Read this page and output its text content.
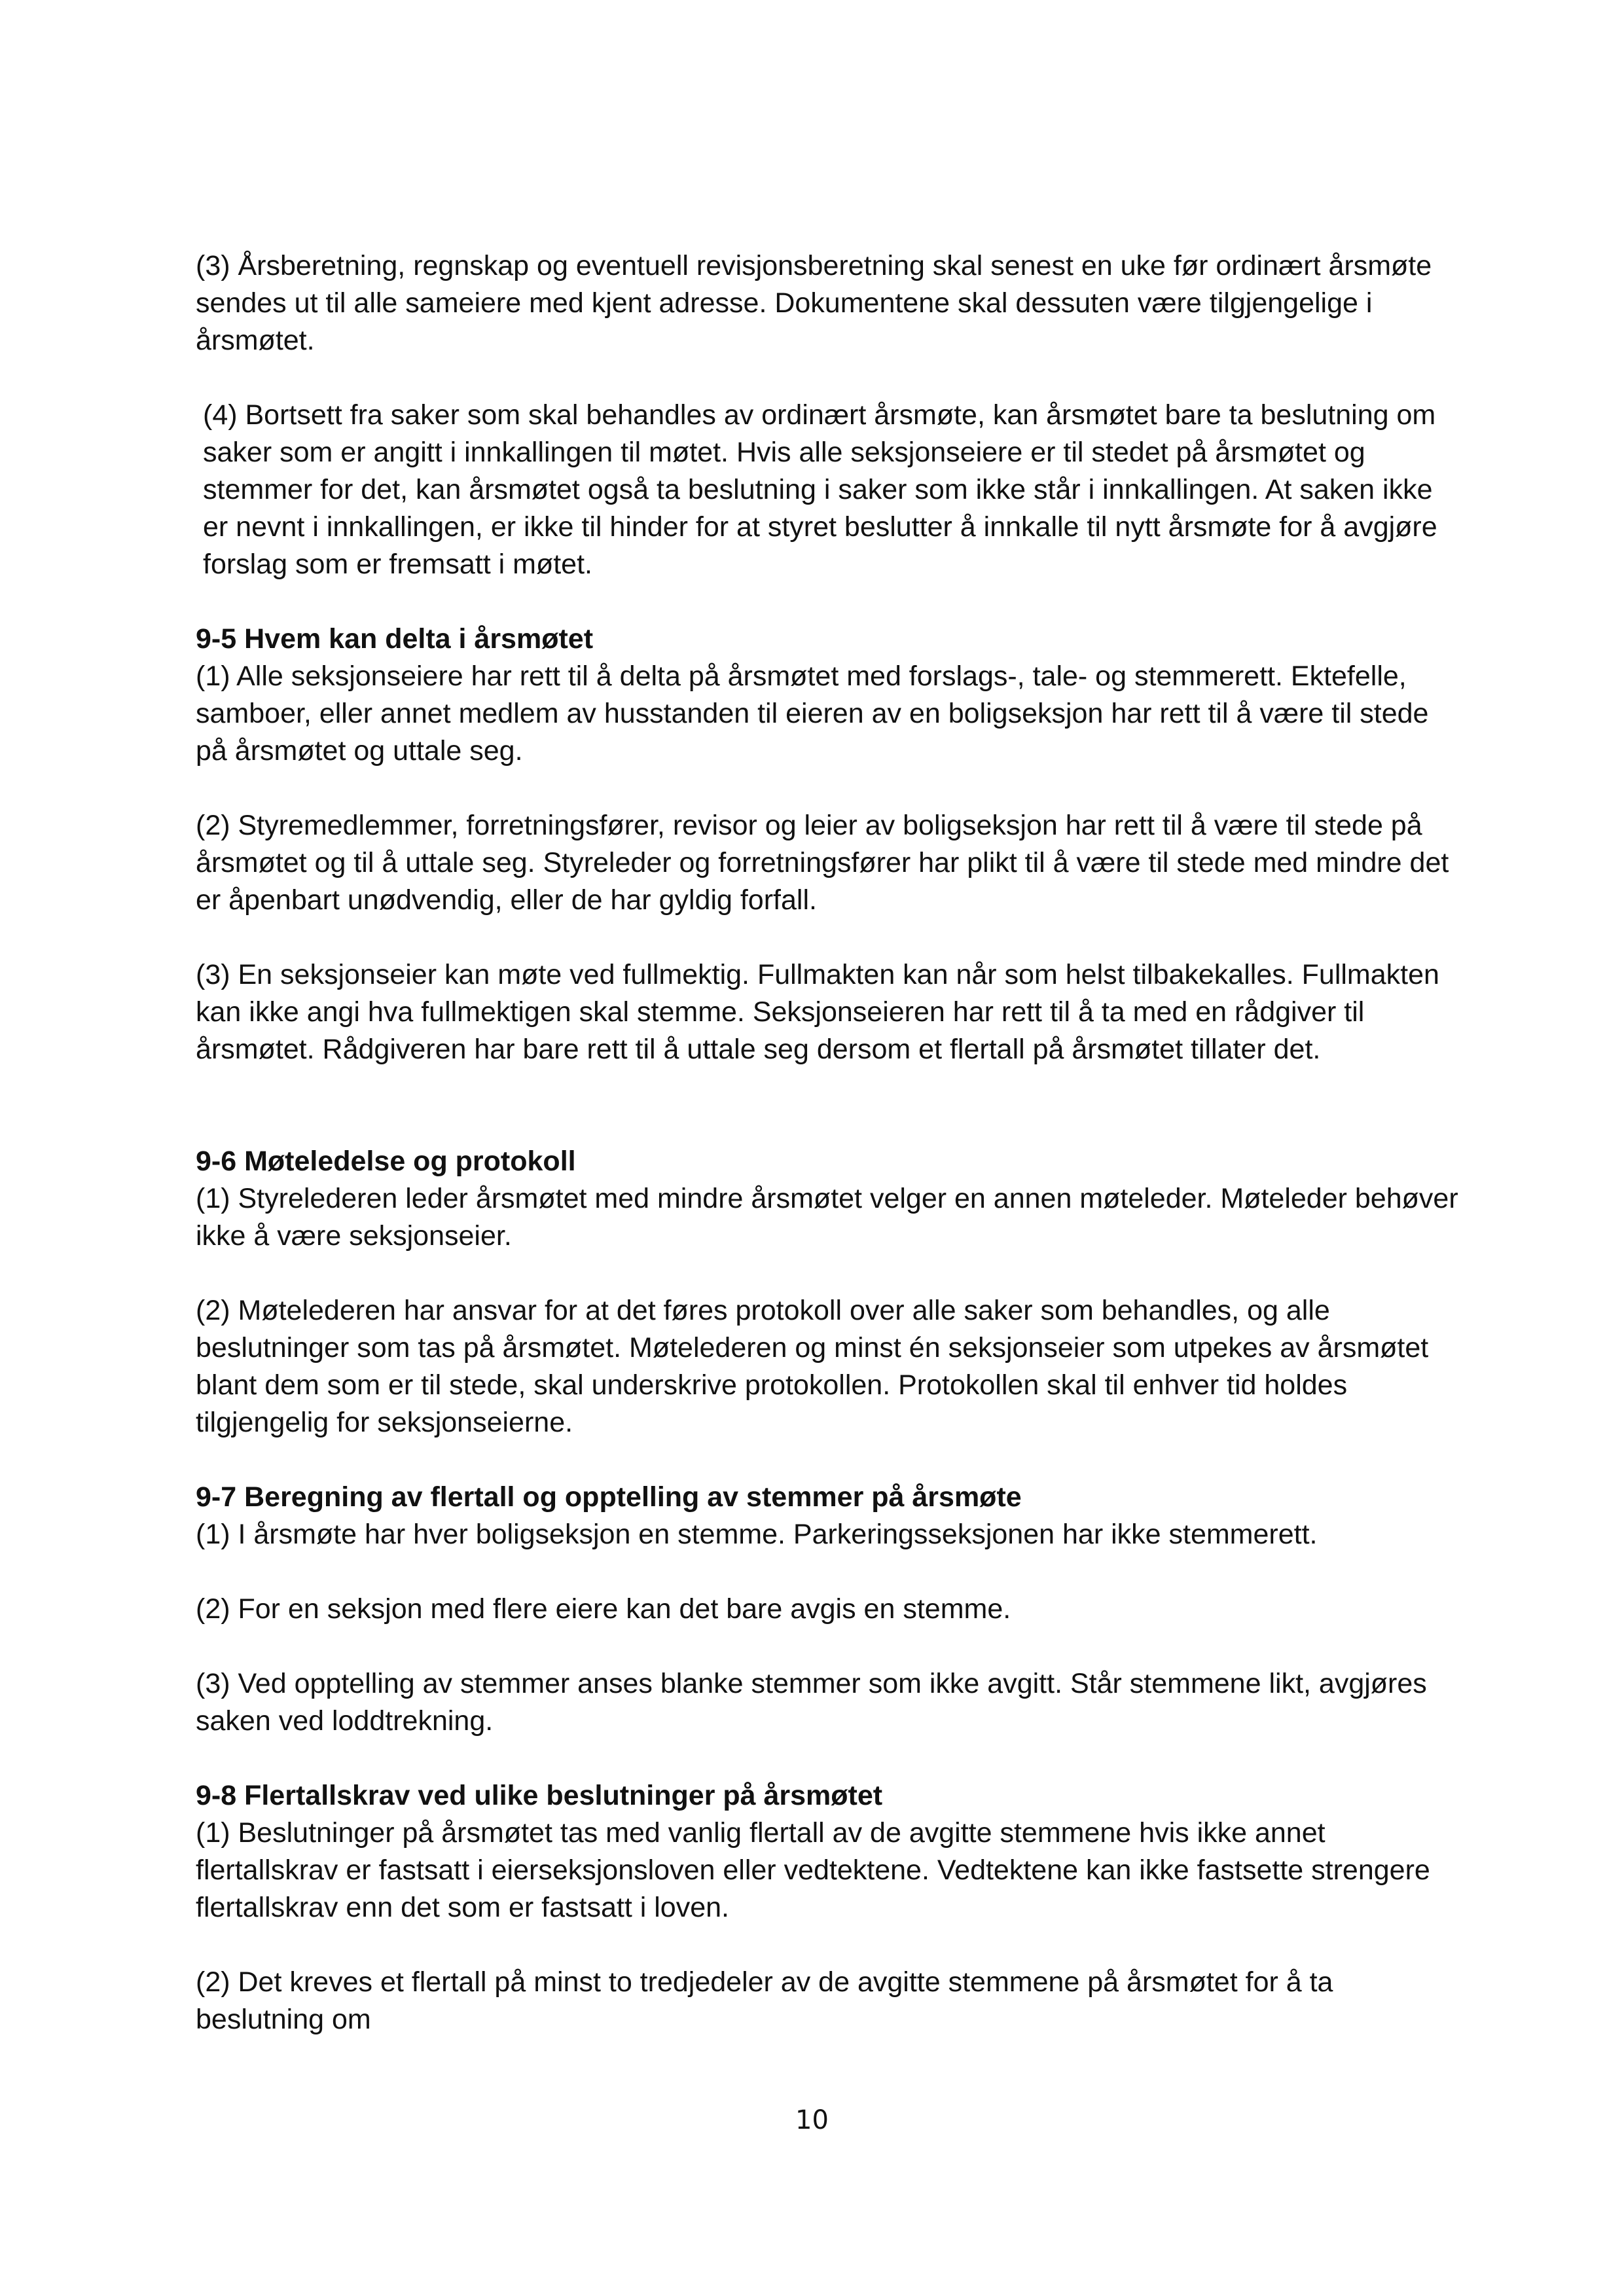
(3) Årsberetning, regnskap og eventuell revisjonsberetning skal senest en uke før ordinært årsmøte sendes ut til alle sameiere med kjent adresse. Dokumentene skal dessuten være tilgjengelige i årsmøtet.

(4) Bortsett fra saker som skal behandles av ordinært årsmøte, kan årsmøtet bare ta beslutning om saker som er angitt i innkallingen til møtet. Hvis alle seksjonseiere er til stedet på årsmøtet og stemmer for det, kan årsmøtet også ta beslutning i saker som ikke står i innkallingen. At saken ikke er nevnt i innkallingen, er ikke til hinder for at styret beslutter å innkalle til nytt årsmøte for å avgjøre forslag som er fremsatt i møtet.

9-5 Hvem kan delta i årsmøtet

(1) Alle seksjonseiere har rett til å delta på årsmøtet med forslags-, tale- og stemmerett. Ektefelle, samboer, eller annet medlem av husstanden til eieren av en boligseksjon har rett til å være til stede på årsmøtet og uttale seg.

(2) Styremedlemmer, forretningsfører, revisor og leier av boligseksjon har rett til å være til stede på årsmøtet og til å uttale seg. Styreleder og forretningsfører har plikt til å være til stede med mindre det er åpenbart unødvendig, eller de har gyldig forfall.

(3) En seksjonseier kan møte ved fullmektig. Fullmakten kan når som helst tilbakekalles. Fullmakten kan ikke angi hva fullmektigen skal stemme. Seksjonseieren har rett til å ta med en rådgiver til årsmøtet. Rådgiveren har bare rett til å uttale seg dersom et flertall på årsmøtet tillater det.

9-6 Møteledelse og protokoll

(1) Styrelederen leder årsmøtet med mindre årsmøtet velger en annen møteleder. Møteleder behøver ikke å være seksjonseier.

(2) Møtelederen har ansvar for at det føres protokoll over alle saker som behandles, og alle beslutninger som tas på årsmøtet. Møtelederen og minst én seksjonseier som utpekes av årsmøtet blant dem som er til stede, skal underskrive protokollen. Protokollen skal til enhver tid holdes tilgjengelig for seksjonseierne.

9-7 Beregning av flertall og opptelling av stemmer på årsmøte

(1) I årsmøte har hver boligseksjon en stemme. Parkeringsseksjonen har ikke stemmerett.

(2) For en seksjon med flere eiere kan det bare avgis en stemme.

(3) Ved opptelling av stemmer anses blanke stemmer som ikke avgitt. Står stemmene likt, avgjøres saken ved loddtrekning.

9-8 Flertallskrav ved ulike beslutninger på årsmøtet

(1) Beslutninger på årsmøtet tas med vanlig flertall av de avgitte stemmene hvis ikke annet flertallskrav er fastsatt i eierseksjonsloven eller vedtektene. Vedtektene kan ikke fastsette strengere flertallskrav enn det som er fastsatt i loven.

(2) Det kreves et flertall på minst to tredjedeler av de avgitte stemmene på årsmøtet for å ta beslutning om

10
